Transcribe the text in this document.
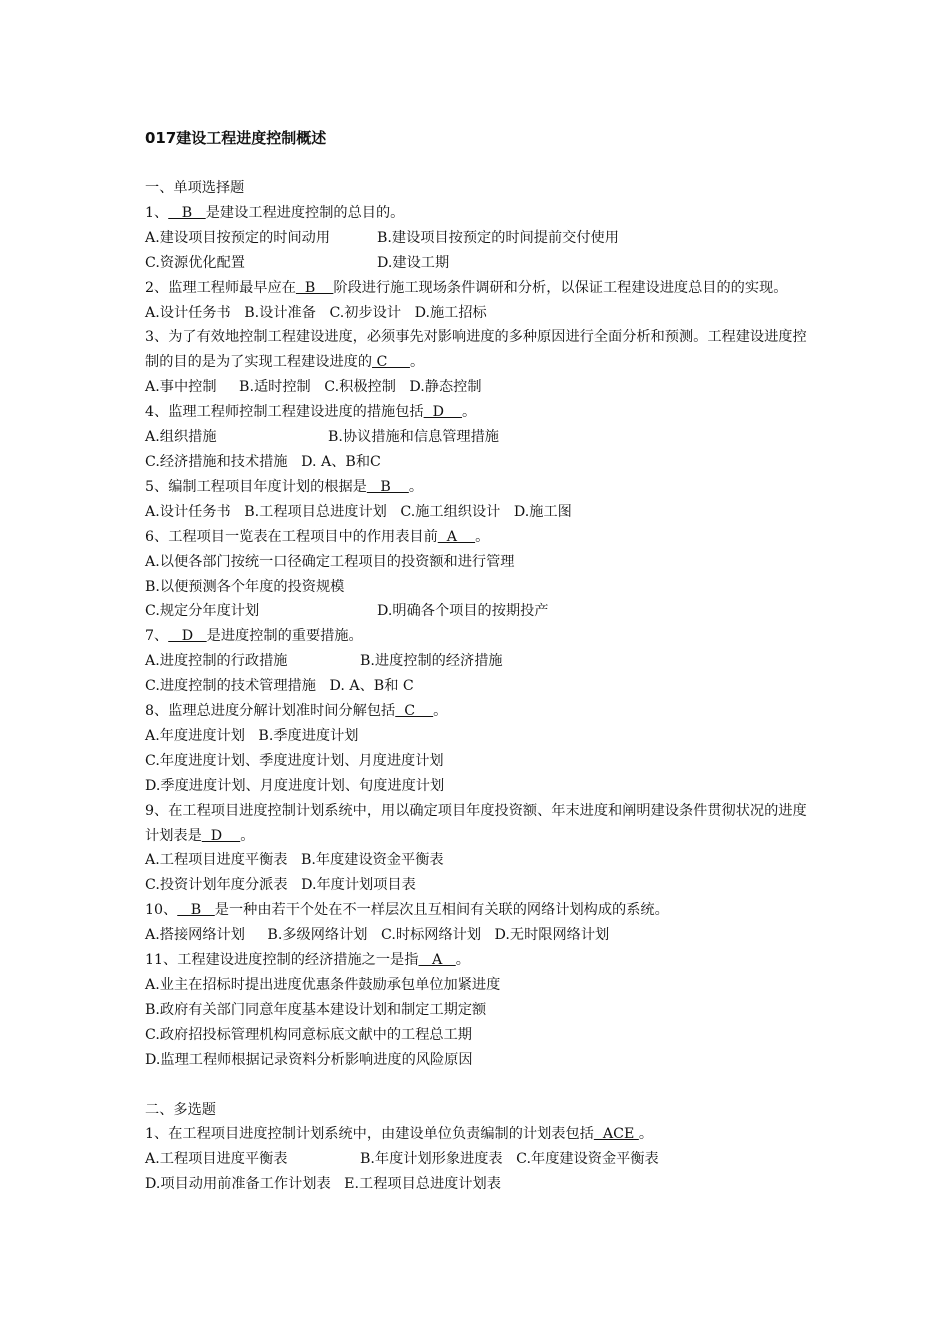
017建设工程进度控制概述
一、单项选择题
1、   B   是建设工程进度控制的总目的。
A.建设项目按预定的时间动用	B.建设项目按预定的时间提前交付使用
C.资源优化配置	D.建设工期
2、监理工程师最早应在  B    阶段进行施工现场条件调研和分析，以保证工程建设进度总目的的实现。
A.设计任务书   B.设计准备   C.初步设计   D.施工招标
3、为了有效地控制工程建设进度，必须事先对影响进度的多种原因进行全面分析和预测。工程建设进度控制的目的是为了实现工程建设进度的 C     。
A.事中控制     B.适时控制   C.积极控制   D.静态控制
4、监理工程师控制工程建设进度的措施包括  D    。
A.组织措施	B.协议措施和信息管理措施
C.经济措施和技术措施   D. A、B和C
5、编制工程项目年度计划的根据是   B    。
A.设计任务书   B.工程项目总进度计划   C.施工组织设计   D.施工图
6、工程项目一览表在工程项目中的作用表目前  A    。
A.以便各部门按统一口径确定工程项目的投资额和进行管理
B.以便预测各个年度的投资规模
C.规定分年度计划	D.明确各个项目的按期投产
7、   D   是进度控制的重要措施。
A.进度控制的行政措施	B.进度控制的经济措施
C.进度控制的技术管理措施   D. A、B和 C
8、监理总进度分解计划准时间分解包括  C    。
A.年度进度计划   B.季度进度计划
C.年度进度计划、季度进度计划、月度进度计划
D.季度进度计划、月度进度计划、旬度进度计划
9、在工程项目进度控制计划系统中，用以确定项目年度投资额、年末进度和阐明建设条件贯彻状况的进度计划表是  D    。
A.工程项目进度平衡表   B.年度建设资金平衡表
C.投资计划年度分派表   D.年度计划项目表
10、   B   是一种由若干个处在不一样层次且互相间有关联的网络计划构成的系统。
A.搭接网络计划     B.多级网络计划   C.时标网络计划   D.无时限网络计划
11、工程建设进度控制的经济措施之一是指   A   。
A.业主在招标时提出进度优惠条件鼓励承包单位加紧进度
B.政府有关部门同意年度基本建设计划和制定工期定额
C.政府招投标管理机构同意标底文献中的工程总工期
D.监理工程师根据记录资料分析影响进度的风险原因
二、多选题
1、在工程项目进度控制计划系统中，由建设单位负责编制的计划表包括  ACE 。
A.工程项目进度平衡表	B.年度计划形象进度表   C.年度建设资金平衡表
D.项目动用前准备工作计划表   E.工程项目总进度计划表
